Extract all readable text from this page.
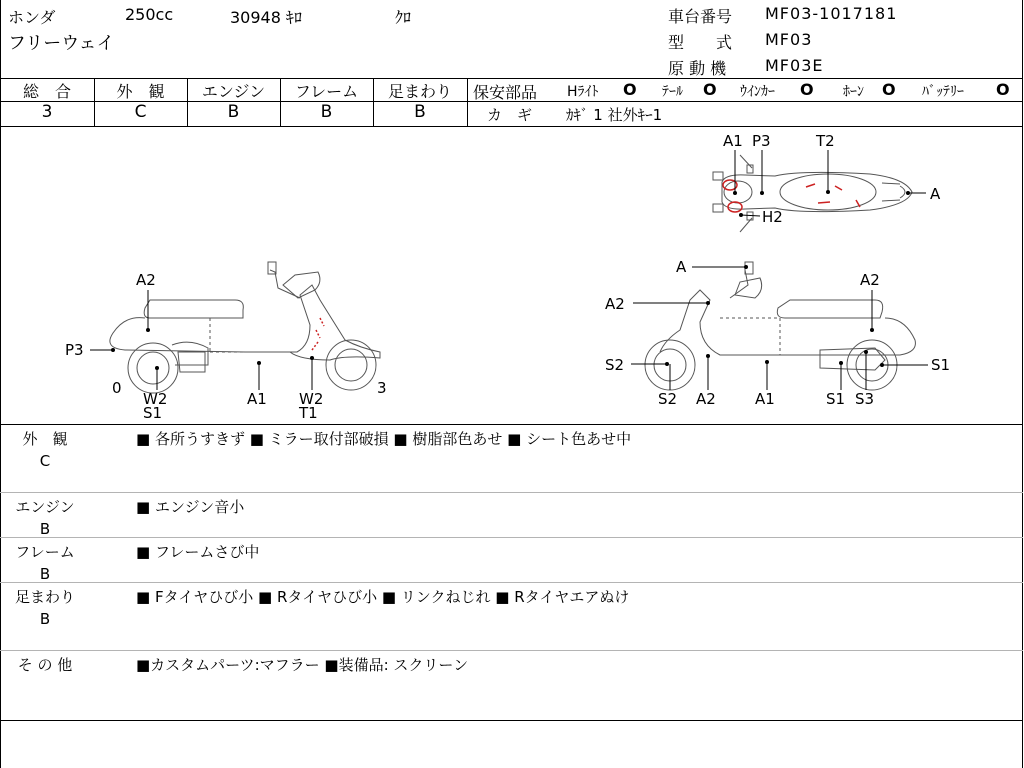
ホンダ	250cc	30948 ｷﾛ	ｸﾛ
フリーウェイ
車台番号 MF03-1017181
型　　式 MF03
原 動 機 MF03E
総　合	外　観	エンジン	フレーム	足まわり
3	C	B	B	B
保安部品 Hﾗｲﾄ O ﾃｰﾙ O ｳｲﾝｶｰ O ﾎｰﾝ O ﾊﾞｯﾃﾘｰ O
カ　ギ ｶｷﾞ 1 社外ｷｰ1
A1 P3	T2
A
H2
A2
P3
0
W2
S1
A1 W2
T1
3
A
A2
A2
S2	S1
S2 A2	A1	S1 S3
外　観
C
■ 各所うすきず ■ ミラー取付部破損 ■ 樹脂部色あせ ■ シート色あせ中
エンジン
B
■ エンジン音小
フレーム
B
■ フレームさび中
足まわり
B
■ Fタイヤひび小 ■ Rタイヤひび小 ■ リンクねじれ ■ Rタイヤエアぬけ
そ の 他	■カスタムパーツ:マフラー ■装備品: スクリーン
